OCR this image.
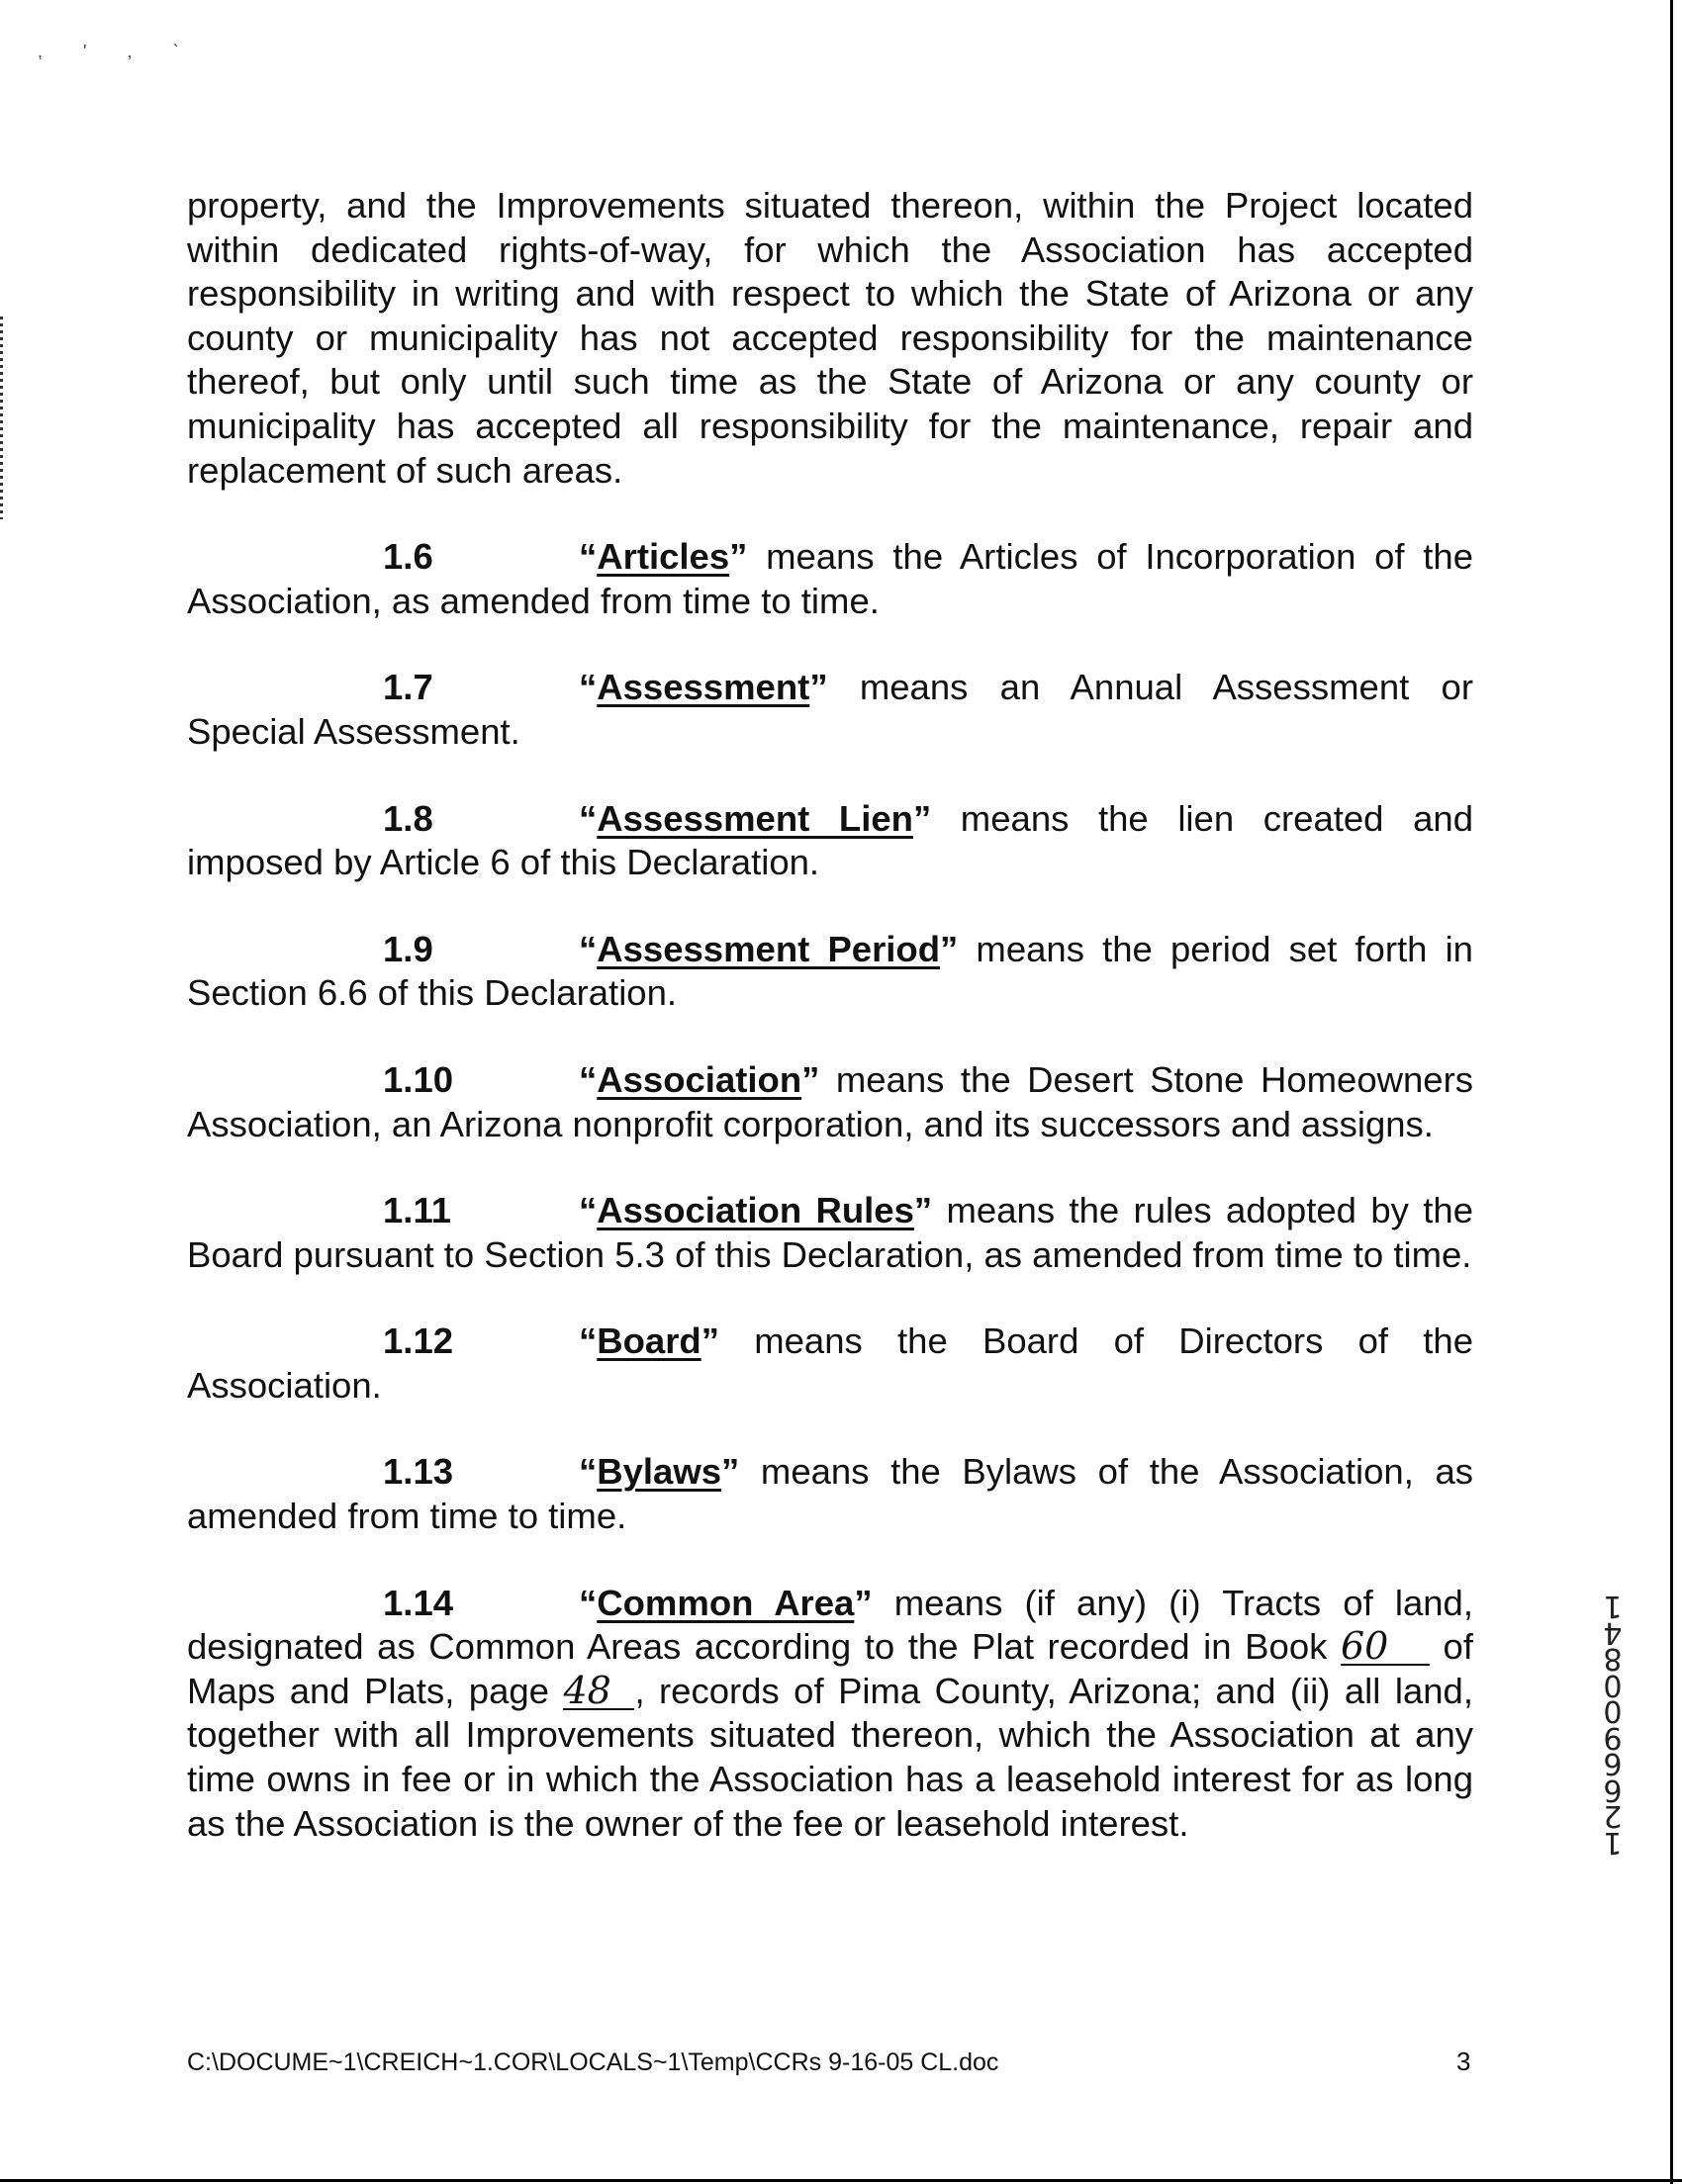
, ' , `

property, and the Improvements situated thereon, within the Project located within dedicated rights-of-way, for which the Association has accepted responsibility in writing and with respect to which the State of Arizona or any county or municipality has not accepted responsibility for the maintenance thereof, but only until such time as the State of Arizona or any county or municipality has accepted all responsibility for the maintenance, repair and replacement of such areas.

1.6	“Articles” means the Articles of Incorporation of the Association, as amended from time to time.

1.7	“Assessment” means an Annual Assessment or Special Assessment.

1.8	“Assessment Lien” means the lien created and imposed by Article 6 of this Declaration.

1.9	“Assessment Period” means the period set forth in Section 6.6 of this Declaration.

1.10	“Association” means the Desert Stone Homeowners Association, an Arizona nonprofit corporation, and its successors and assigns.

1.11	“Association Rules” means the rules adopted by the Board pursuant to Section 5.3 of this Declaration, as amended from time to time.

1.12	“Board” means the Board of Directors of the Association.

1.13	“Bylaws” means the Bylaws of the Association, as amended from time to time.

1.14	“Common Area” means (if any) (i) Tracts of land, designated as Common Areas according to the Plat recorded in Book 60 of Maps and Plats, page 48 , records of Pima County, Arizona; and (ii) all land, together with all Improvements situated thereon, which the Association at any time owns in fee or in which the Association has a leasehold interest for as long as the Association is the owner of the fee or leasehold interest.

C:\DOCUME~1\CREICH~1.COR\LOCALS~1\Temp\CCRs 9-16-05 CL.doc	3
1
2
6
6
9
0
0
8
4
1
